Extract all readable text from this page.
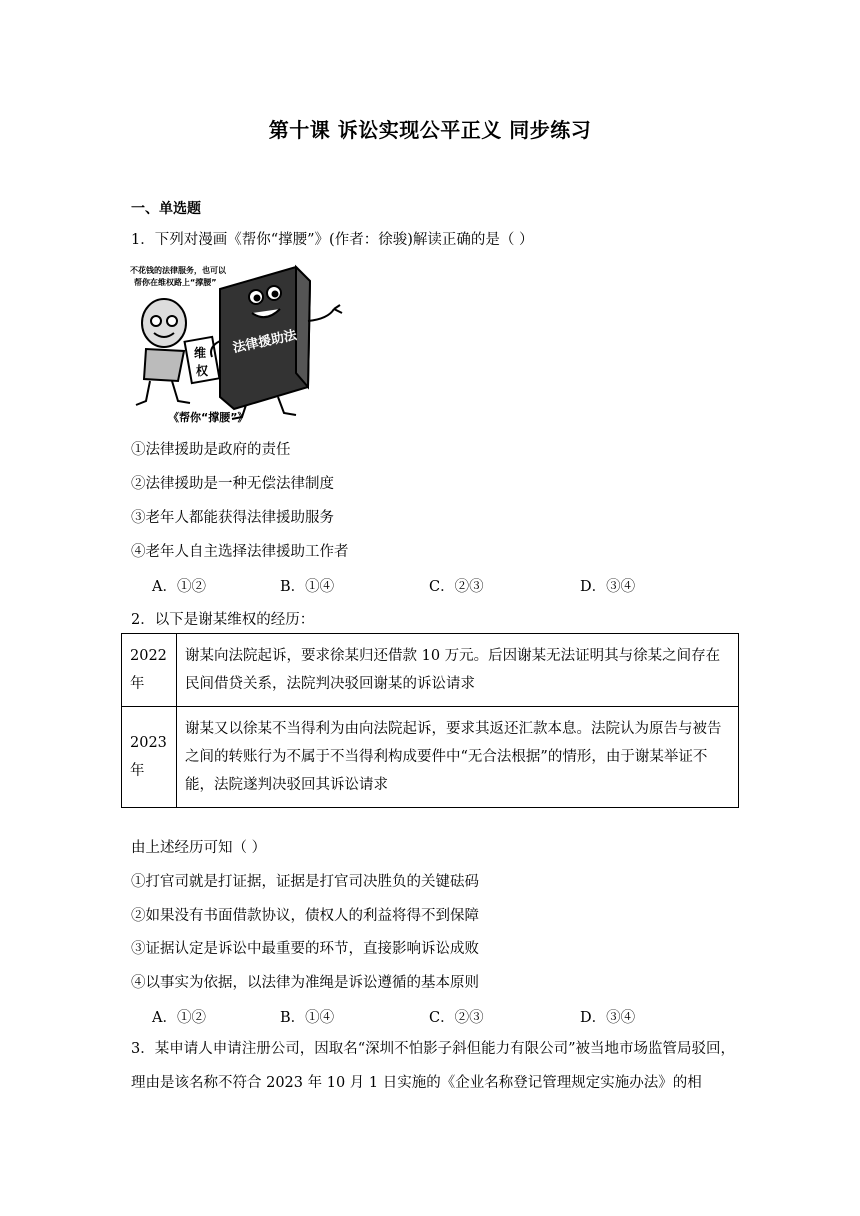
第十课 诉讼实现公平正义 同步练习
一、单选题
1．下列对漫画《帮你“撑腰”》(作者：徐骏)解读正确的是（ ）
不花钱的法律服务，也可以
帮你在维权路上“撑腰”
维
权
法律援助法
《帮你“撑腰”》
①法律援助是政府的责任
②法律援助是一种无偿法律制度
③老年人都能获得法律援助服务
④老年人自主选择法律援助工作者
A．①②	B．①④	C．②③	D．③④
2．以下是谢某维权的经历：
2022
年	谢某向法院起诉，要求徐某归还借款 10 万元。后因谢某无法证明其与徐某之间存在民间借贷关系，法院判决驳回谢某的诉讼请求
2023
年	谢某又以徐某不当得利为由向法院起诉，要求其返还汇款本息。法院认为原告与被告之间的转账行为不属于不当得利构成要件中“无合法根据”的情形，由于谢某举证不能，法院遂判决驳回其诉讼请求
由上述经历可知（ ）
①打官司就是打证据，证据是打官司决胜负的关键砝码
②如果没有书面借款协议，债权人的利益将得不到保障
③证据认定是诉讼中最重要的环节，直接影响诉讼成败
④以事实为依据，以法律为准绳是诉讼遵循的基本原则
A．①②	B．①④	C．②③	D．③④
3．某申请人申请注册公司，因取名“深圳不怕影子斜但能力有限公司”被当地市场监管局驳回，理由是该名称不符合 2023 年 10 月 1 日实施的《企业名称登记管理规定实施办法》的相
